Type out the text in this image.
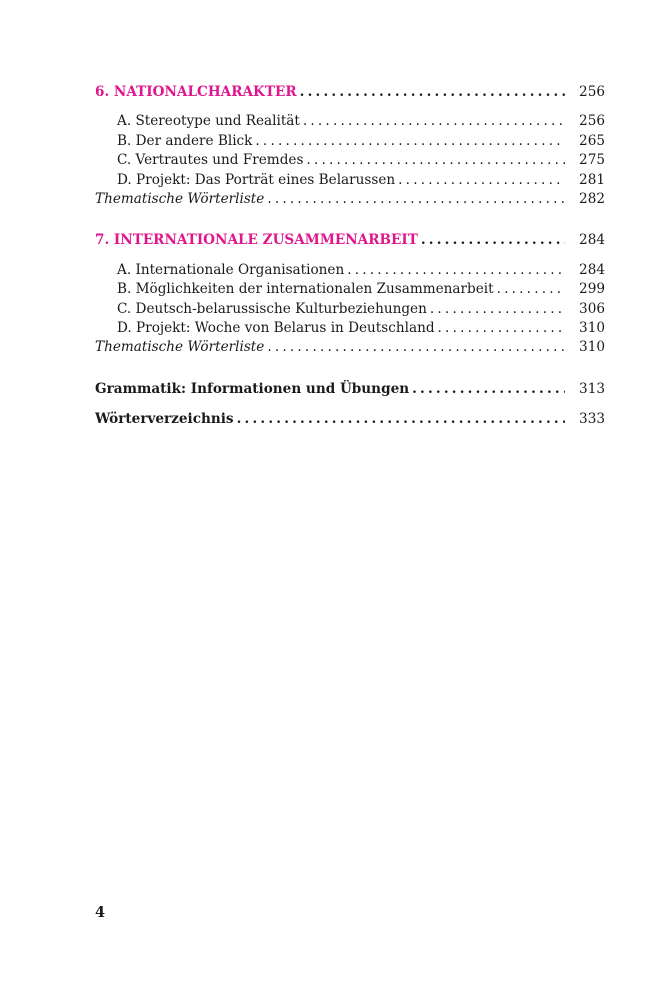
6. NATIONALCHARAKTER .....	256
A. Stereotype und Realität .....	256
B. Der andere Blick .....	265
C. Vertrautes und Fremdes .....	275
D. Projekt: Das Porträt eines Belarussen .....	281
Thematische Wörterliste .....	282
7. INTERNATIONALE ZUSAMMENARBEIT .....	284
A. Internationale Organisationen .....	284
B. Möglichkeiten der internationalen Zusammenarbeit .....	299
C. Deutsch-belarussische Kulturbeziehungen .....	306
D. Projekt: Woche von Belarus in Deutschland .....	310
Thematische Wörterliste .....	310
Grammatik: Informationen und Übungen .....	313
Wörterverzeichnis .....	333
4
